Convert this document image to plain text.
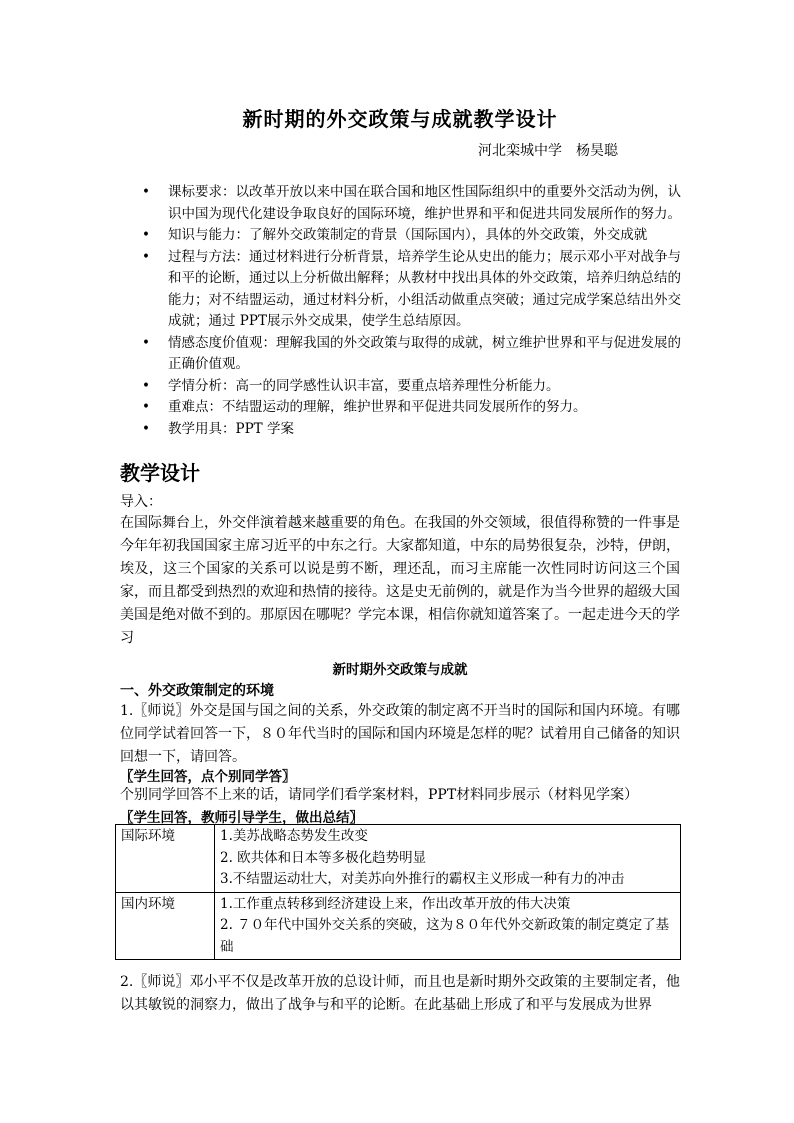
新时期的外交政策与成就教学设计
河北栾城中学　杨昊聪
• 课标要求：以改革开放以来中国在联合国和地区性国际组织中的重要外交活动为例，认识中国为现代化建设争取良好的国际环境，维护世界和平和促进共同发展所作的努力。
• 知识与能力：了解外交政策制定的背景（国际国内），具体的外交政策，外交成就
• 过程与方法：通过材料进行分析背景，培养学生论从史出的能力；展示邓小平对战争与和平的论断，通过以上分析做出解释；从教材中找出具体的外交政策，培养归纳总结的能力；对不结盟运动，通过材料分析，小组活动做重点突破；通过完成学案总结出外交成就；通过 PPT展示外交成果，使学生总结原因。
• 情感态度价值观：理解我国的外交政策与取得的成就，树立维护世界和平与促进发展的正确价值观。
• 学情分析：高一的同学感性认识丰富，要重点培养理性分析能力。
• 重难点：不结盟运动的理解，维护世界和平促进共同发展所作的努力。
• 教学用具：PPT 学案
教学设计
导入：
在国际舞台上，外交伴演着越来越重要的角色。在我国的外交领域，很值得称赞的一件事是今年年初我国国家主席习近平的中东之行。大家都知道，中东的局势很复杂，沙特，伊朗，埃及，这三个国家的关系可以说是剪不断，理还乱，而习主席能一次性同时访问这三个国家，而且都受到热烈的欢迎和热情的接待。这是史无前例的，就是作为当今世界的超级大国美国是绝对做不到的。那原因在哪呢？学完本课，相信你就知道答案了。一起走进今天的学习
新时期外交政策与成就
一、外交政策制定的环境
1.〖师说〗外交是国与国之间的关系，外交政策的制定离不开当时的国际和国内环境。有哪位同学试着回答一下，８０年代当时的国际和国内环境是怎样的呢？试着用自己储备的知识回想一下，请回答。
〖学生回答，点个别同学答〗
个别同学回答不上来的话，请同学们看学案材料，PPT材料同步展示（材料见学案）
〖学生回答，教师引导学生，做出总结〗
国际环境	1.美苏战略态势发生改变
2. 欧共体和日本等多极化趋势明显
3.不结盟运动壮大，对美苏向外推行的霸权主义形成一种有力的冲击

国内环境	1.工作重点转移到经济建设上来，作出改革开放的伟大决策
2. ７０年代中国外交关系的突破，这为８０年代外交新政策的制定奠定了基础
2.〖师说〗邓小平不仅是改革开放的总设计师，而且也是新时期外交政策的主要制定者，他以其敏锐的洞察力，做出了战争与和平的论断。在此基础上形成了和平与发展成为世界
